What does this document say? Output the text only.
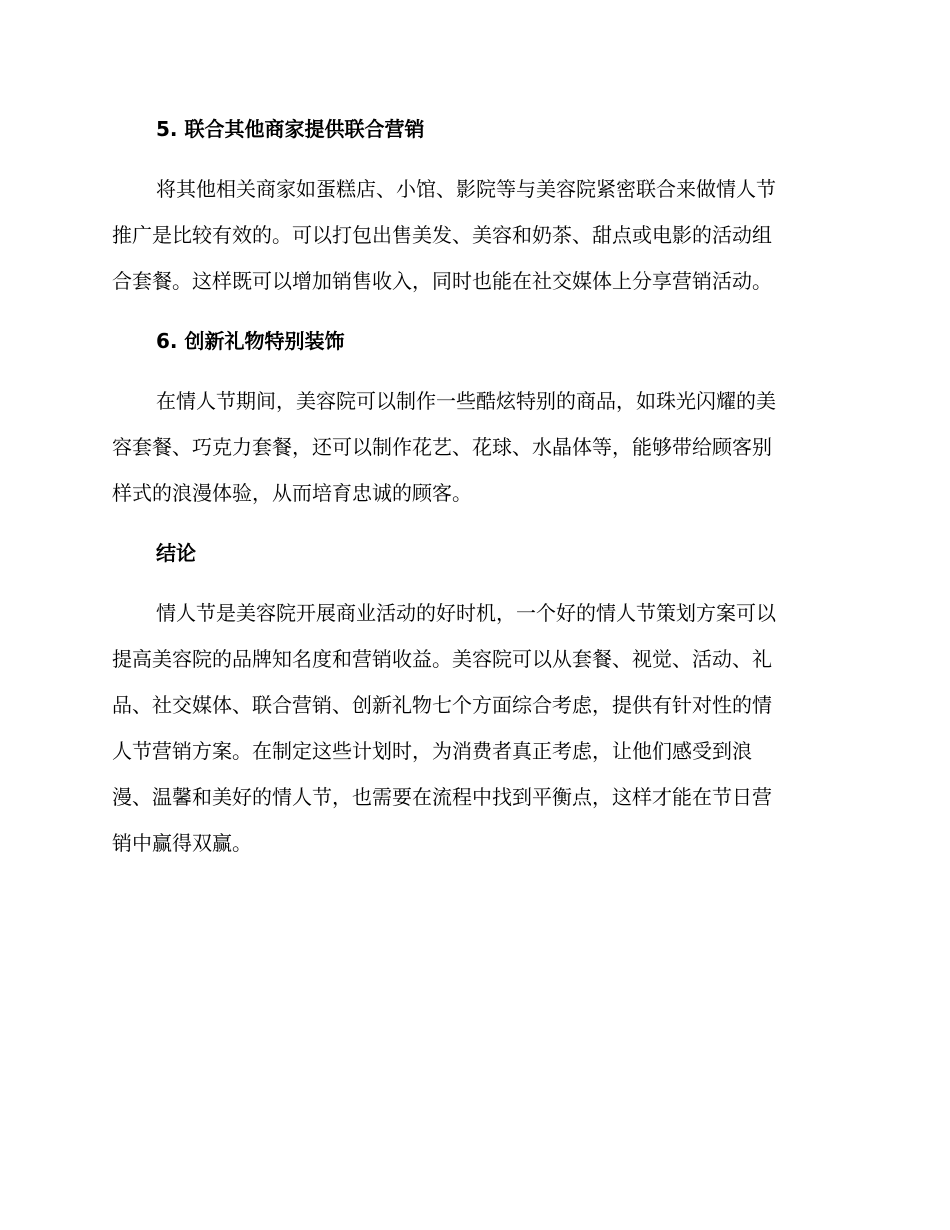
5. 联合其他商家提供联合营销

将其他相关商家如蛋糕店、小馆、影院等与美容院紧密联合来做情人节
推广是比较有效的。可以打包出售美发、美容和奶茶、甜点或电影的活动组
合套餐。这样既可以增加销售收入，同时也能在社交媒体上分享营销活动。

6. 创新礼物特别装饰

在情人节期间，美容院可以制作一些酷炫特别的商品，如珠光闪耀的美
容套餐、巧克力套餐，还可以制作花艺、花球、水晶体等，能够带给顾客别
样式的浪漫体验，从而培育忠诚的顾客。

结论

情人节是美容院开展商业活动的好时机，一个好的情人节策划方案可以
提高美容院的品牌知名度和营销收益。美容院可以从套餐、视觉、活动、礼
品、社交媒体、联合营销、创新礼物七个方面综合考虑，提供有针对性的情
人节营销方案。在制定这些计划时，为消费者真正考虑，让他们感受到浪
漫、温馨和美好的情人节，也需要在流程中找到平衡点，这样才能在节日营
销中赢得双赢。
